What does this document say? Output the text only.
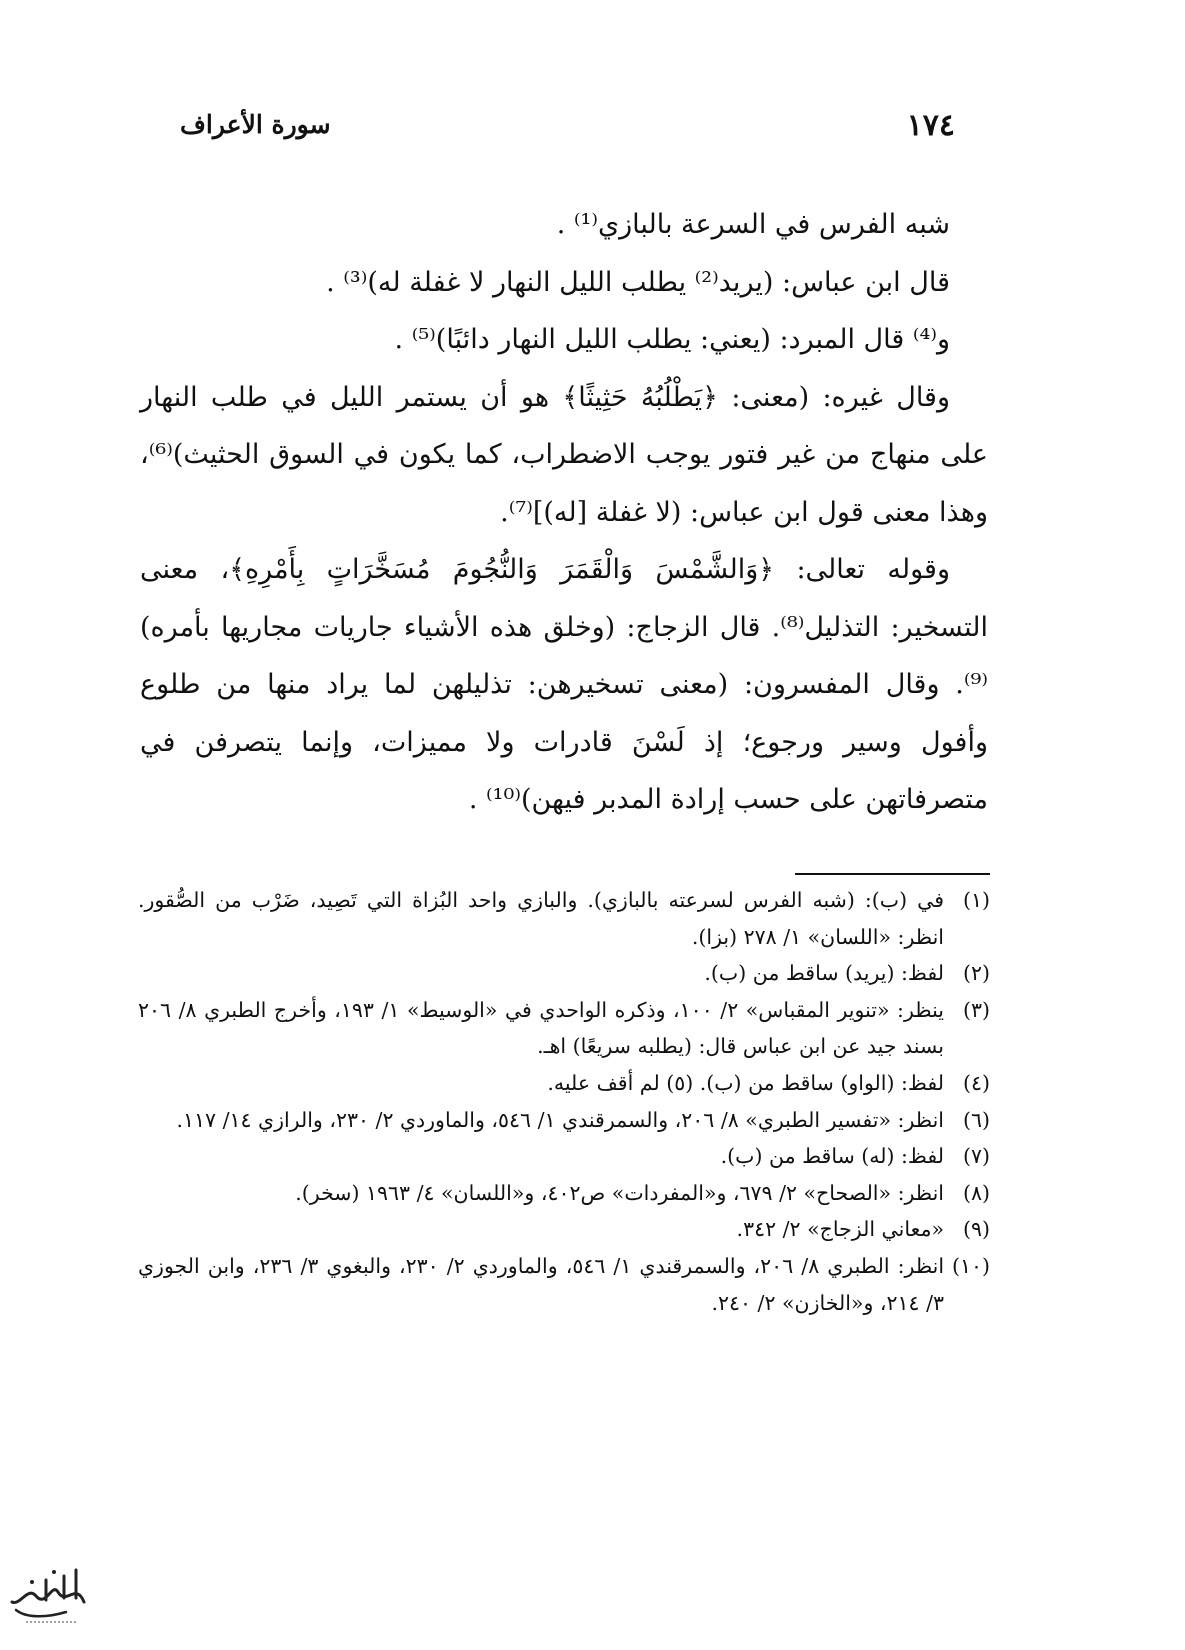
١٧٤
سورة الأعراف

شبه الفرس في السرعة بالبازي⁽¹⁾ .

قال ابن عباس: (يريد⁽²⁾ يطلب الليل النهار لا غفلة له)⁽³⁾ .

و⁽⁴⁾ قال المبرد: (يعني: يطلب الليل النهار دائبًا)⁽⁵⁾ .

وقال غيره: (معنى: ﴿يَطْلُبُهُ حَثِيثًا﴾ هو أن يستمر الليل في طلب النهار على منهاج من غير فتور يوجب الاضطراب، كما يكون في السوق الحثيث)⁽⁶⁾، وهذا معنى قول ابن عباس: (لا غفلة [له)]⁽⁷⁾.

وقوله تعالى: ﴿وَالشَّمْسَ وَالْقَمَرَ وَالنُّجُومَ مُسَخَّرَاتٍ بِأَمْرِهِ﴾، معنى التسخير: التذليل⁽⁸⁾. قال الزجاج: (وخلق هذه الأشياء جاريات مجاريها بأمره)⁽⁹⁾. وقال المفسرون: (معنى تسخيرهن: تذليلهن لما يراد منها من طلوع وأفول وسير ورجوع؛ إذ لَسْنَ قادرات ولا مميزات، وإنما يتصرفن في متصرفاتهن على حسب إرادة المدبر فيهن)⁽¹⁰⁾ .

(١)
في (ب): (شبه الفرس لسرعته بالبازي). والبازي واحد البُزاة التي تَصِيد، ضَرْب من الصُّقور. انظر: «اللسان» ١/ ٢٧٨ (بزا).
(٢)
لفظ: (يريد) ساقط من (ب).
(٣)
ينظر: «تنوير المقباس» ٢/ ١٠٠، وذكره الواحدي في «الوسيط» ١/ ١٩٣، وأخرج الطبري ٨/ ٢٠٦ بسند جيد عن ابن عباس قال: (يطلبه سريعًا) اهـ.
(٤)
لفظ: (الواو) ساقط من (ب). (٥) لم أقف عليه.
(٦)
انظر: «تفسير الطبري» ٨/ ٢٠٦، والسمرقندي ١/ ٥٤٦، والماوردي ٢/ ٢٣٠، والرازي ١٤/ ١١٧.
(٧)
لفظ: (له) ساقط من (ب).
(٨)
انظر: «الصحاح» ٢/ ٦٧٩، و«المفردات» ص٤٠٢، و«اللسان» ٤/ ١٩٦٣ (سخر).
(٩)
«معاني الزجاج» ٢/ ٣٤٢.
(١٠)
انظر: الطبري ٨/ ٢٠٦، والسمرقندي ١/ ٥٤٦، والماوردي ٢/ ٢٣٠، والبغوي ٣/ ٢٣٦، وابن الجوزي ٣/ ٢١٤، و«الخازن» ٢/ ٢٤٠.
